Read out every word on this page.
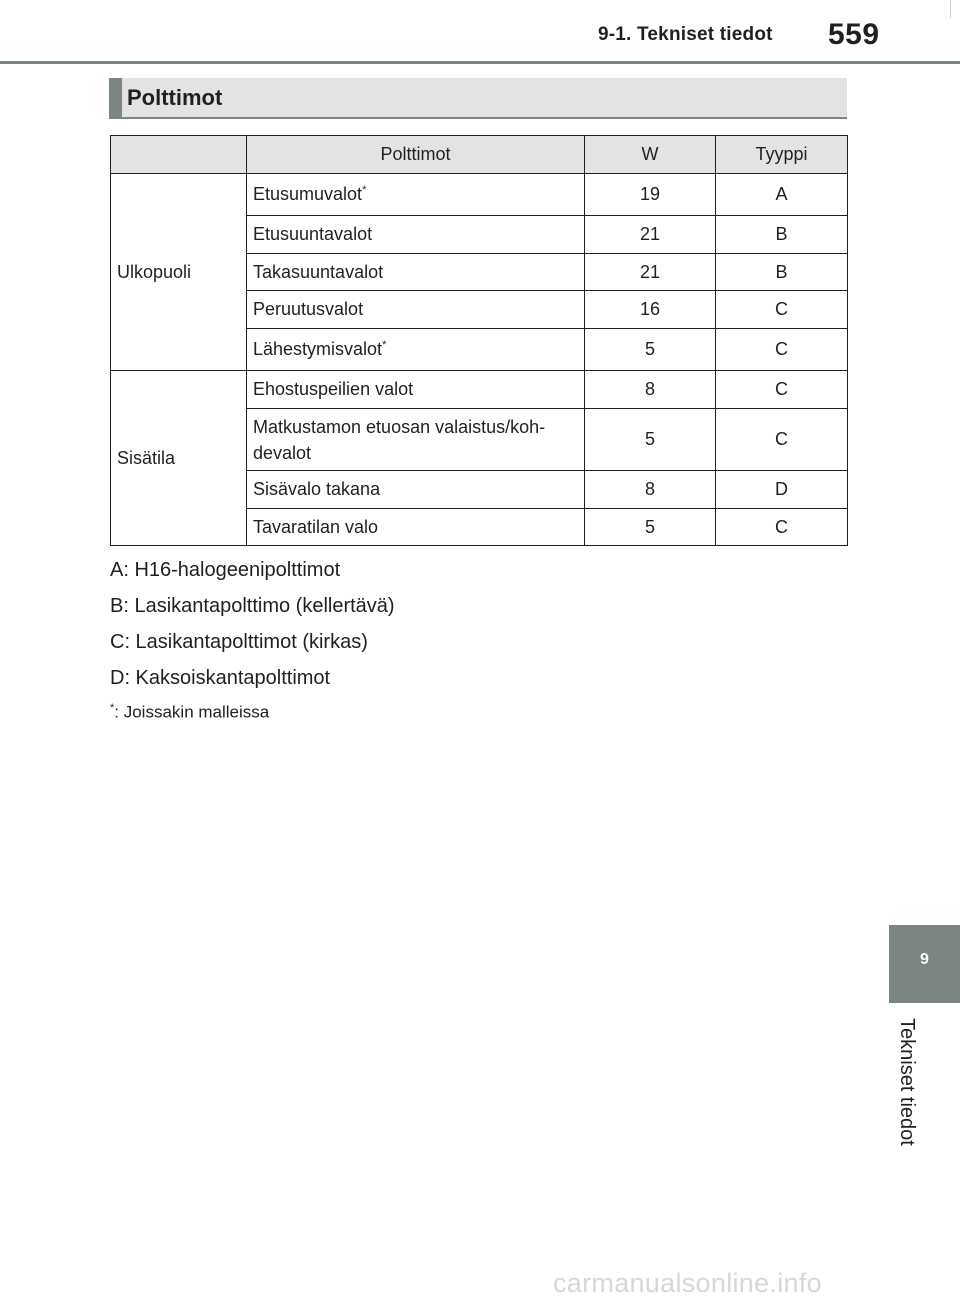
9-1. Tekniset tiedot 559
Polttimot
	Polttimot	W	Tyyppi
Ulkopuoli	Etusumuvalot*	19	A
	Etusuuntavalot	21	B
	Takasuuntavalot	21	B
	Peruutusvalot	16	C
	Lähestymisvalot*	5	C
Sisätila	Ehostuspeilien valot	8	C
	Matkustamon etuosan valaistus/koh-
devalot	5	C
	Sisävalo takana	8	D
	Tavaratilan valo	5	C
A: H16-halogeenipolttimot
B: Lasikantapolttimo (kellertävä)
C: Lasikantapolttimot (kirkas)
D: Kaksoiskantapolttimot
*: Joissakin malleissa
9
Tekniset tiedot
carmanualsonline.info
